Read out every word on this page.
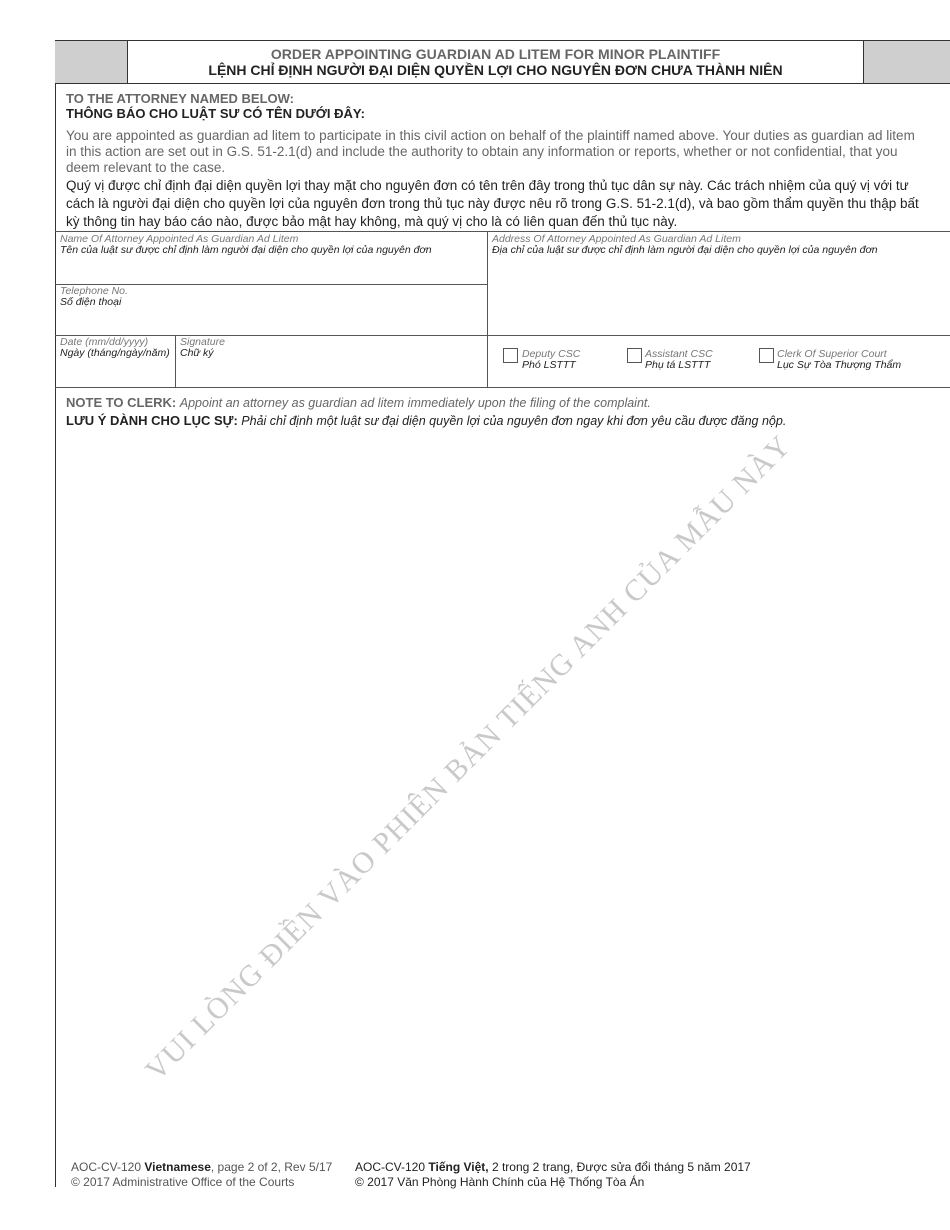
ORDER APPOINTING GUARDIAN AD LITEM FOR MINOR PLAINTIFF
LỆNH CHỈ ĐỊNH NGƯỜI ĐẠI DIỆN QUYỀN LỢI CHO NGUYÊN ĐƠN CHƯA THÀNH NIÊN
TO THE ATTORNEY NAMED BELOW:
THÔNG BÁO CHO LUẬT SƯ CÓ TÊN DƯỚI ĐÂY:
You are appointed as guardian ad litem to participate in this civil action on behalf of the plaintiff named above. Your duties as guardian ad litem in this action are set out in G.S. 51-2.1(d) and include the authority to obtain any information or reports, whether or not confidential, that you deem relevant to the case.
Quý vị được chỉ định đại diện quyền lợi thay mặt cho nguyên đơn có tên trên đây trong thủ tục dân sự này. Các trách nhiệm của quý vị với tư cách là người đại diện cho quyền lợi của nguyên đơn trong thủ tục này được nêu rõ trong G.S. 51-2.1(d), và bao gồm thẩm quyền thu thập bất kỳ thông tin hay báo cáo nào, được bảo mật hay không, mà quý vị cho là có liên quan đến thủ tục này.
Name Of Attorney Appointed As Guardian Ad Litem
Tên của luật sư được chỉ định làm người đại diện cho quyền lợi của nguyên đơn
Address Of Attorney Appointed As Guardian Ad Litem
Địa chỉ của luật sư được chỉ định làm người đại diện cho quyền lợi của nguyên đơn
Telephone No.
Số điện thoại
Date (mm/dd/yyyy)
Ngày (tháng/ngày/năm)
Signature
Chữ ký	Deputy CSC
Phó LSTTT
Assistant CSC
Phụ tá LSTTT
Clerk Of Superior Court
Lục Sự Tòa Thượng Thẩm
NOTE TO CLERK: Appoint an attorney as guardian ad litem immediately upon the filing of the complaint.
LƯU Ý DÀNH CHO LỤC SỰ: Phải chỉ định một luật sư đại diện quyền lợi của nguyên đơn ngay khi đơn yêu cầu được đăng nộp.
VUI LÒNG ĐIỀN VÀO PHIÊN BẢN TIẾNG ANH CỦA MẪU NÀY
AOC-CV-120 Vietnamese, page 2 of 2, Rev 5/17
© 2017 Administrative Office of the Courts
AOC-CV-120 Tiếng Việt, 2 trong 2 trang, Được sửa đổi tháng 5 năm 2017
© 2017 Văn Phòng Hành Chính của Hệ Thống Tòa Án
